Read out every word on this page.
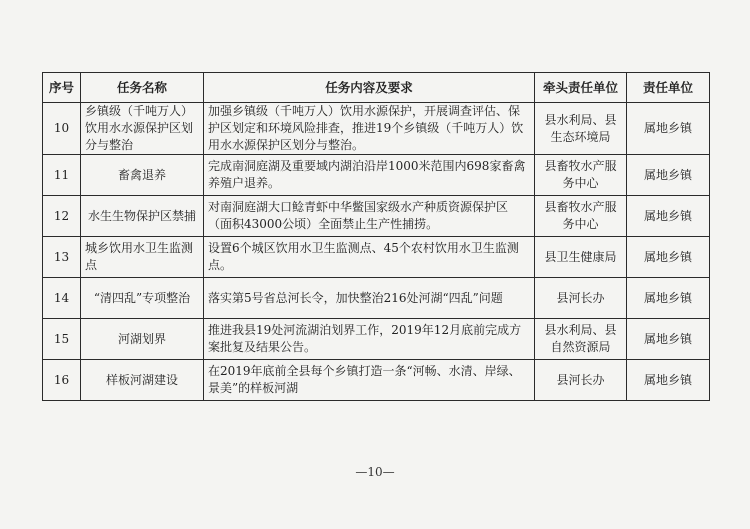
序号	任务名称	任务内容及要求	牵头责任单位	责任单位
10	乡镇级（千吨万人）饮用水水源保护区划分与整治	加强乡镇级（千吨万人）饮用水源保护，开展调查评估、保护区划定和环境风险排查，推进19个乡镇级（千吨万人）饮用水水源保护区划分与整治。	县水利局、县生态环境局	属地乡镇
11	畜禽退养	完成南洞庭湖及重要域内湖泊沿岸1000米范围内698家畜禽养殖户退养。	县畜牧水产服务中心	属地乡镇
12	水生生物保护区禁捕	对南洞庭湖大口鲶青虾中华鳖国家级水产种质资源保护区（面积43000公顷）全面禁止生产性捕捞。	县畜牧水产服务中心	属地乡镇
13	城乡饮用水卫生监测点	设置6个城区饮用水卫生监测点、45个农村饮用水卫生监测点。	县卫生健康局	属地乡镇
14	“清四乱”专项整治	落实第5号省总河长令，加快整治216处河湖“四乱”问题	县河长办	属地乡镇
15	河湖划界	推进我县19处河流湖泊划界工作，2019年12月底前完成方案批复及结果公告。	县水利局、县自然资源局	属地乡镇
16	样板河湖建设	在2019年底前全县每个乡镇打造一条“河畅、水清、岸绿、景美”的样板河湖	县河长办	属地乡镇
—10—
